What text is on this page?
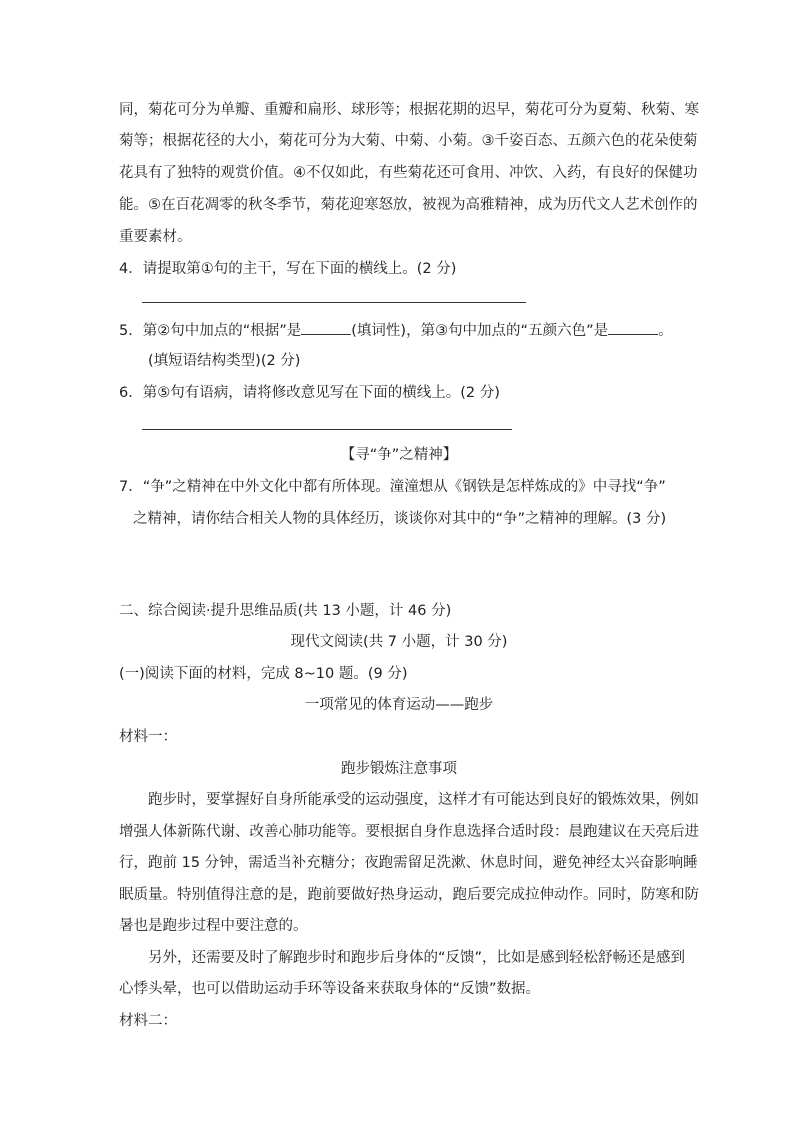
同，菊花可分为单瓣、重瓣和扁形、球形等；根据花期的迟早，菊花可分为夏菊、秋菊、寒
菊等；根据花径的大小，菊花可分为大菊、中菊、小菊。③千姿百态、五颜六色的花朵使菊
花具有了独特的观赏价值。④不仅如此，有些菊花还可食用、冲饮、入药，有良好的保健功
能。⑤在百花凋零的秋冬季节，菊花迎寒怒放，被视为高雅精神，成为历代文人艺术创作的
重要素材。
4．请提取第①句的主干，写在下面的横线上。(2 分)
5．第②句中加点的“根据”是	(填词性)，第③句中加点的“五颜六色”是	。
(填短语结构类型)(2 分)
6．第⑤句有语病，请将修改意见写在下面的横线上。(2 分)
【寻“争”之精神】
7．“争”之精神在中外文化中都有所体现。潼潼想从《钢铁是怎样炼成的》中寻找“争”
之精神，请你结合相关人物的具体经历，谈谈你对其中的“争”之精神的理解。(3 分)
二、综合阅读·提升思维品质(共 13 小题，计 46 分)
现代文阅读(共 7 小题，计 30 分)
(一)阅读下面的材料，完成 8~10 题。(9 分)
一项常见的体育运动——跑步
材料一：
跑步锻炼注意事项
跑步时，要掌握好自身所能承受的运动强度，这样才有可能达到良好的锻炼效果，例如
增强人体新陈代谢、改善心肺功能等。要根据自身作息选择合适时段：晨跑建议在天亮后进
行，跑前 15 分钟，需适当补充糖分；夜跑需留足洗漱、休息时间，避免神经太兴奋影响睡
眠质量。特别值得注意的是，跑前要做好热身运动，跑后要完成拉伸动作。同时，防寒和防
暑也是跑步过程中要注意的。
另外，还需要及时了解跑步时和跑步后身体的“反馈”，比如是感到轻松舒畅还是感到
心悸头晕，也可以借助运动手环等设备来获取身体的“反馈”数据。
材料二：
